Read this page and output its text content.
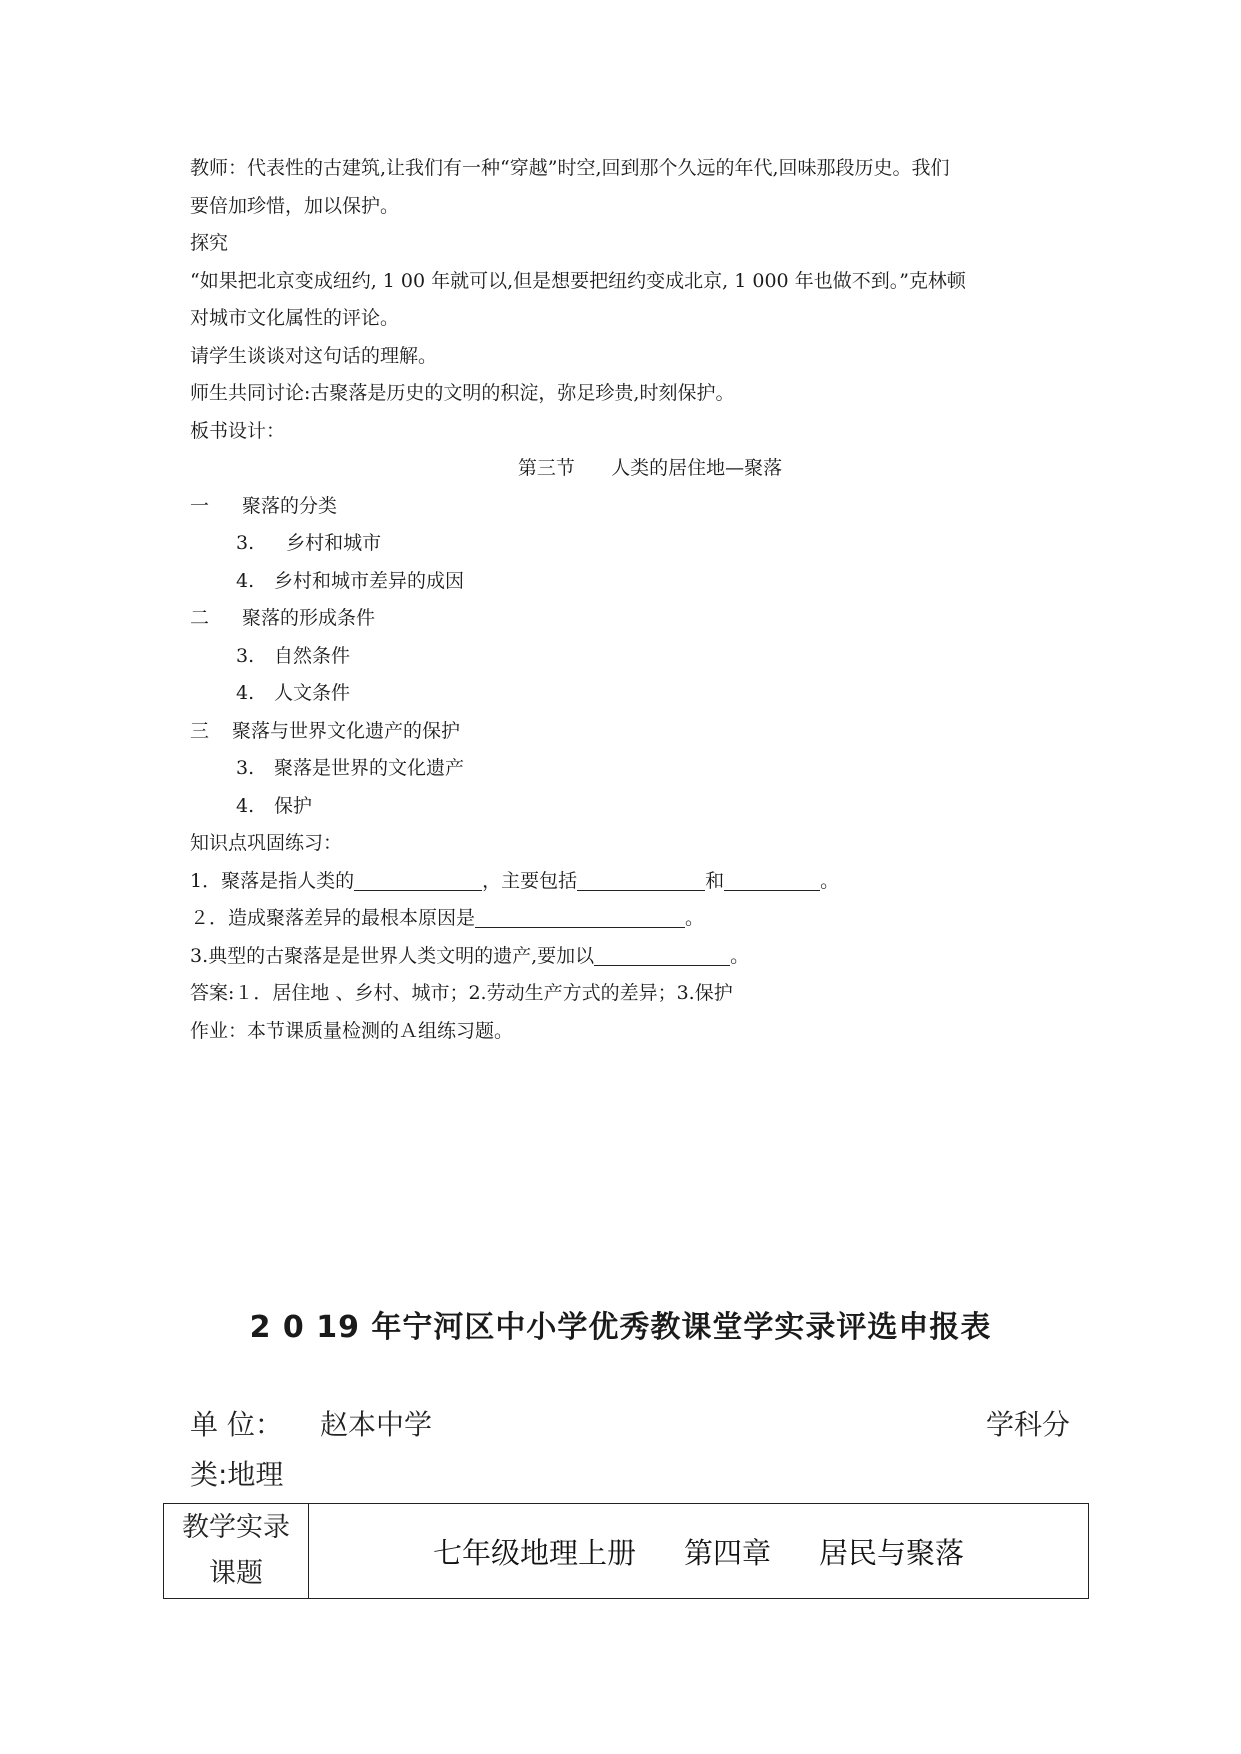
教师：代表性的古建筑,让我们有一种“穿越”时空,回到那个久远的年代,回味那段历史。我们
要倍加珍惜，加以保护。
探究
“如果把北京变成纽约, 1 00 年就可以,但是想要把纽约变成北京, 1 000 年也做不到。”克林顿
对城市文化属性的评论。
请学生谈谈对这句话的理解。
师生共同讨论:古聚落是历史的文明的积淀，弥足珍贵,时刻保护。
板书设计：
第三节 人类的居住地—聚落
一 聚落的分类
3. 乡村和城市
4. 乡村和城市差异的成因
二 聚落的形成条件
3. 自然条件
4. 人文条件
三 聚落与世界文化遗产的保护
3. 聚落是世界的文化遗产
4. 保护
知识点巩固练习：
1．聚落是指人类的	，主要包括	和	。
２．造成聚落差异的最根本原因是	。
3.典型的古聚落是是世界人类文明的遗产,要加以	。
答案:１．居住地 、乡村、城市；2.劳动生产方式的差异；3.保护
作业：本节课质量检测的Ａ组练习题。
2 0 19 年宁河区中小学优秀教课堂学实录评选申报表
单 位： 赵本中学	学科分
类:地理
教学实录
课题
	七年级地理上册 第四章 居民与聚落
